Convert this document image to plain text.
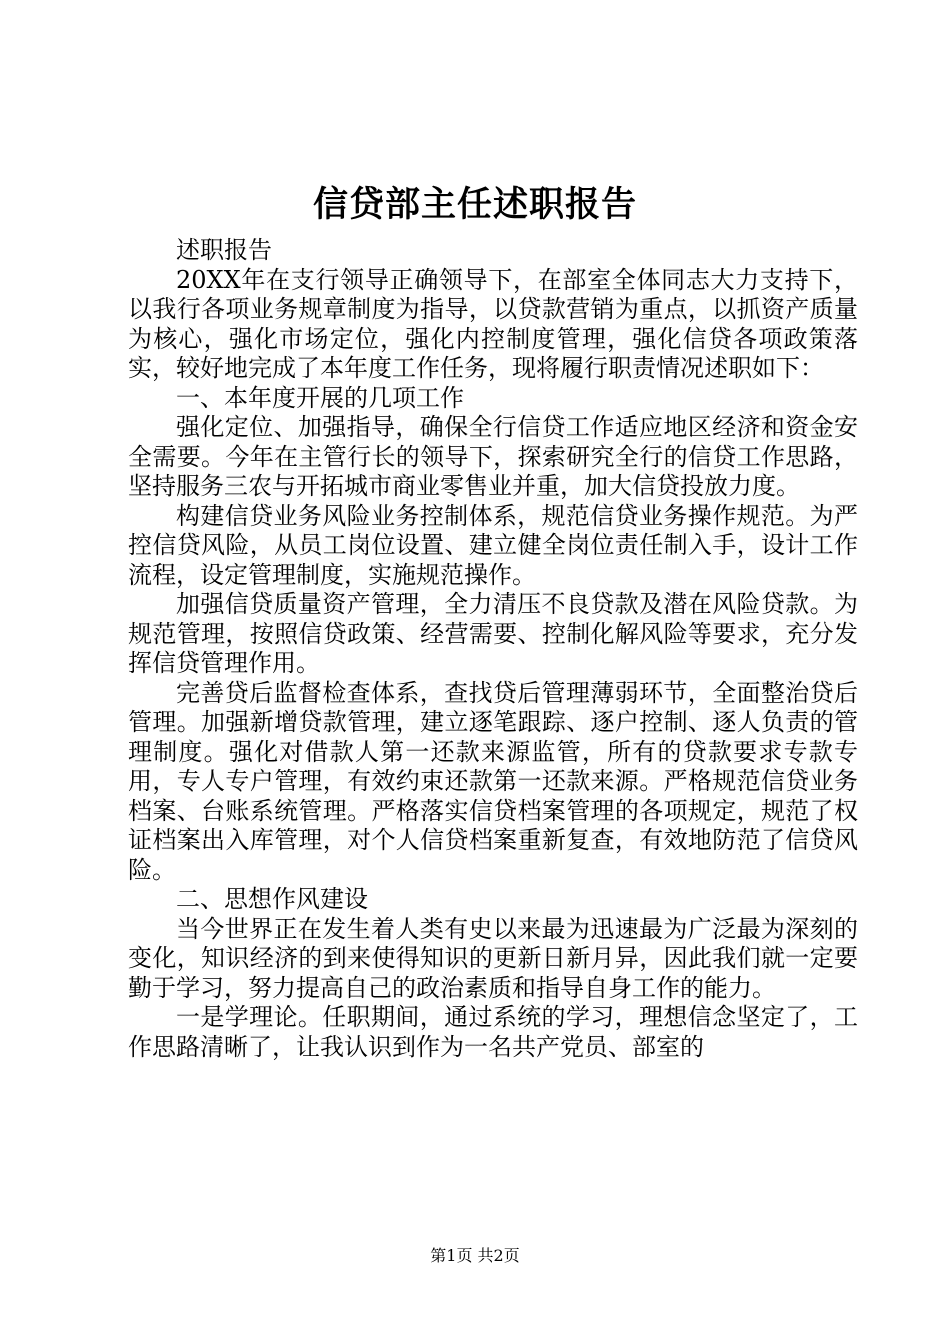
信贷部主任述职报告

述职报告

20XX年在支行领导正确领导下，在部室全体同志大力支持下，以我行各项业务规章制度为指导，以贷款营销为重点，以抓资产质量为核心，强化市场定位，强化内控制度管理，强化信贷各项政策落实，较好地完成了本年度工作任务，现将履行职责情况述职如下：

一、本年度开展的几项工作

强化定位、加强指导，确保全行信贷工作适应地区经济和资金安全需要。今年在主管行长的领导下，探索研究全行的信贷工作思路，坚持服务三农与开拓城市商业零售业并重，加大信贷投放力度。

构建信贷业务风险业务控制体系，规范信贷业务操作规范。为严控信贷风险，从员工岗位设置、建立健全岗位责任制入手，设计工作流程，设定管理制度，实施规范操作。

加强信贷质量资产管理，全力清压不良贷款及潜在风险贷款。为规范管理，按照信贷政策、经营需要、控制化解风险等要求，充分发挥信贷管理作用。

完善贷后监督检查体系，查找贷后管理薄弱环节，全面整治贷后管理。加强新增贷款管理，建立逐笔跟踪、逐户控制、逐人负责的管理制度。强化对借款人第一还款来源监管，所有的贷款要求专款专用，专人专户管理，有效约束还款第一还款来源。严格规范信贷业务档案、台账系统管理。严格落实信贷档案管理的各项规定，规范了权证档案出入库管理，对个人信贷档案重新复查，有效地防范了信贷风险。

二、思想作风建设

当今世界正在发生着人类有史以来最为迅速最为广泛最为深刻的变化，知识经济的到来使得知识的更新日新月异，因此我们就一定要勤于学习，努力提高自己的政治素质和指导自身工作的能力。

一是学理论。任职期间，通过系统的学习，理想信念坚定了，工作思路清晰了，让我认识到作为一名共产党员、部室的

第1页 共2页
